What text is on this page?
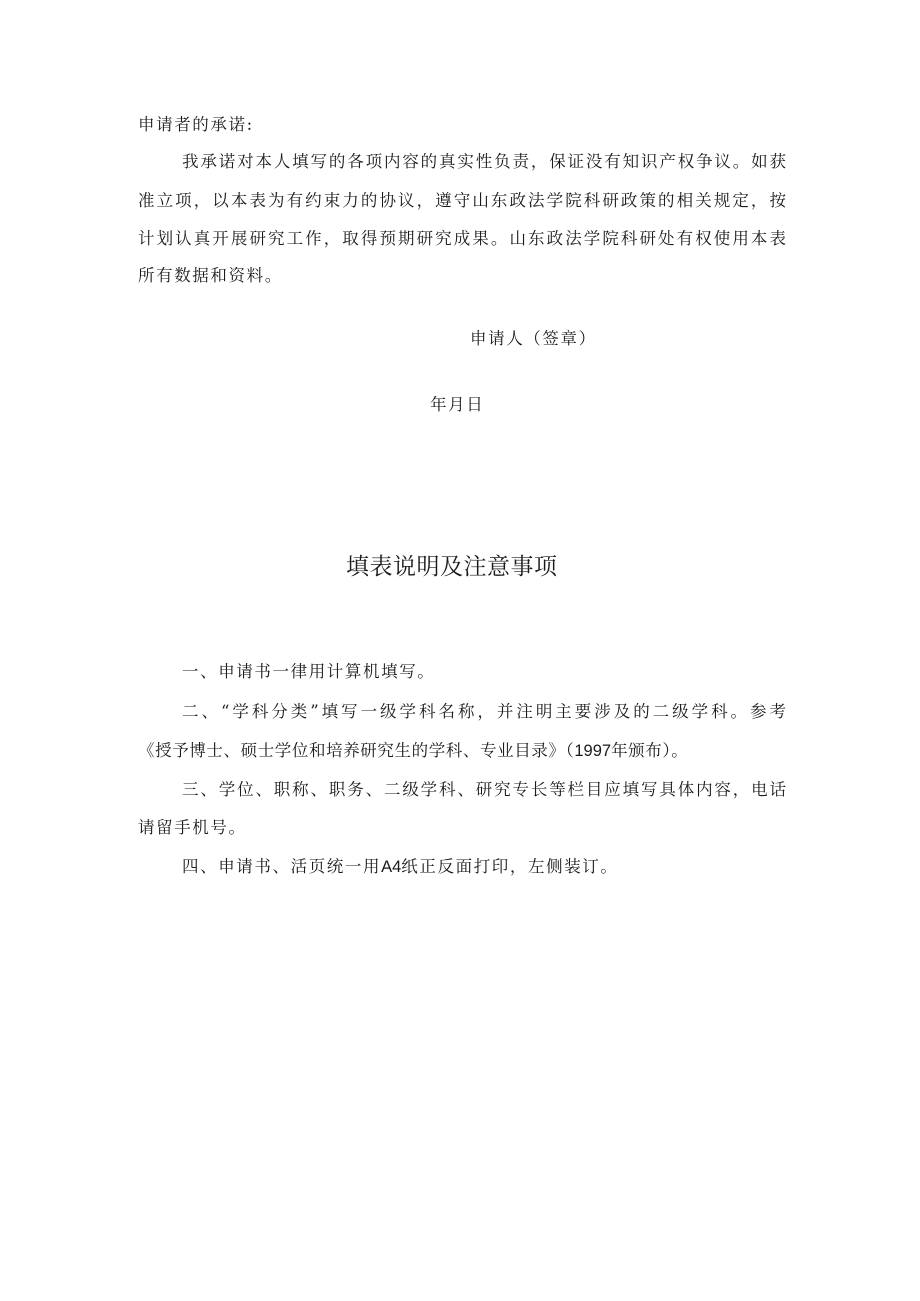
申请者的承诺:

我承诺对本人填写的各项内容的真实性负责，保证没有知识产权争议。如获

准立项，以本表为有约束力的协议，遵守山东政法学院科研政策的相关规定，按

计划认真开展研究工作，取得预期研究成果。山东政法学院科研处有权使用本表

所有数据和资料。

申请人（签章）

年月日

填表说明及注意事项

一、申请书一律用计算机填写。

二、“学科分类”填写一级学科名称，并注明主要涉及的二级学科。参考

《授予博士、硕士学位和培养研究生的学科、专业目录》（1997年颁布）。

三、学位、职称、职务、二级学科、研究专长等栏目应填写具体内容，电话

请留手机号。

四、申请书、活页统一用A4纸正反面打印，左侧装订。
